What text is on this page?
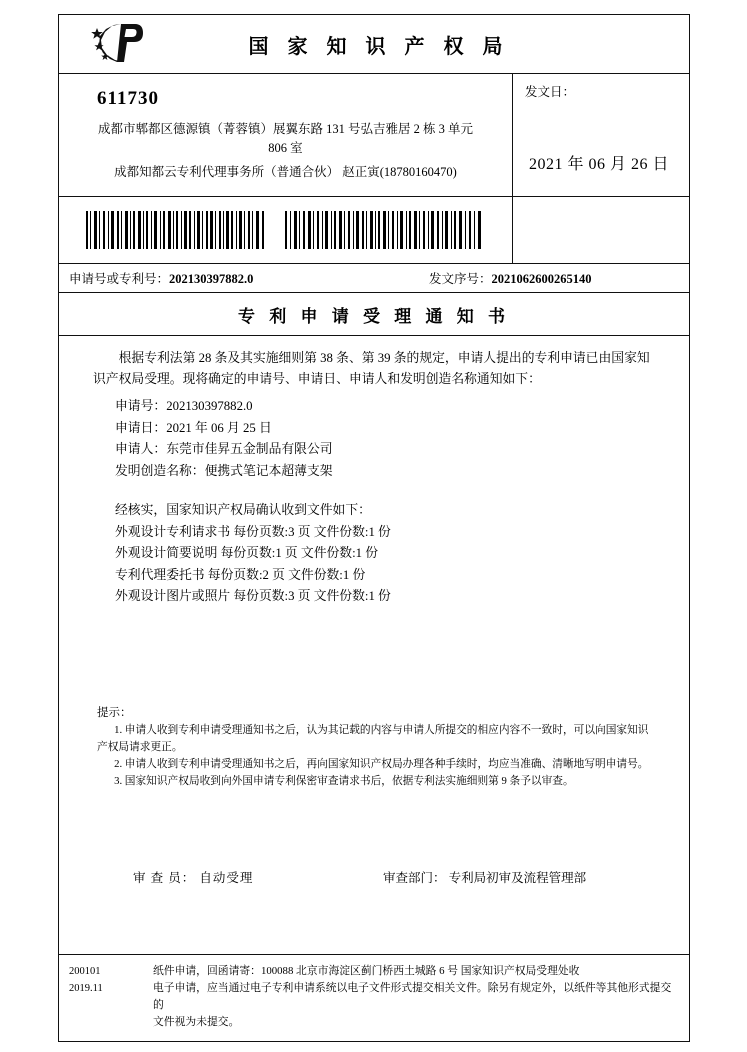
国 家 知 识 产 权 局
611730
成都市郫都区德源镇（菁蓉镇）展翼东路 131 号弘吉雅居 2 栋 3 单元
806 室
成都知都云专利代理事务所（普通合伙） 赵正寅(18780160470)
发文日：
2021 年 06 月 26 日
申请号或专利号：202130397882.0	发文序号：2021062600265140
专 利 申 请 受 理 通 知 书

根据专利法第 28 条及其实施细则第 38 条、第 39 条的规定，申请人提出的专利申请已由国家知识产权局受理。现将确定的申请号、申请日、申请人和发明创造名称通知如下：

申请号：202130397882.0
申请日：2021 年 06 月 25 日
申请人：东莞市佳昇五金制品有限公司
发明创造名称：便携式笔记本超薄支架
经核实，国家知识产权局确认收到文件如下：
外观设计专利请求书 每份页数:3 页 文件份数:1 份
外观设计简要说明 每份页数:1 页 文件份数:1 份
专利代理委托书 每份页数:2 页 文件份数:1 份
外观设计图片或照片 每份页数:3 页 文件份数:1 份
提示：
1. 申请人收到专利申请受理通知书之后，认为其记载的内容与申请人所提交的相应内容不一致时，可以向国家知识产权局请求更正。
2. 申请人收到专利申请受理通知书之后，再向国家知识产权局办理各种手续时，均应当准确、清晰地写明申请号。
3. 国家知识产权局收到向外国申请专利保密审查请求书后，依据专利法实施细则第 9 条予以审查。
审 查 员： 自动受理	审查部门： 专利局初审及流程管理部
200101
2019.11
纸件申请，回函请寄：100088 北京市海淀区蓟门桥西土城路 6 号 国家知识产权局受理处收
电子申请，应当通过电子专利申请系统以电子文件形式提交相关文件。除另有规定外，以纸件等其他形式提交的
文件视为未提交。
